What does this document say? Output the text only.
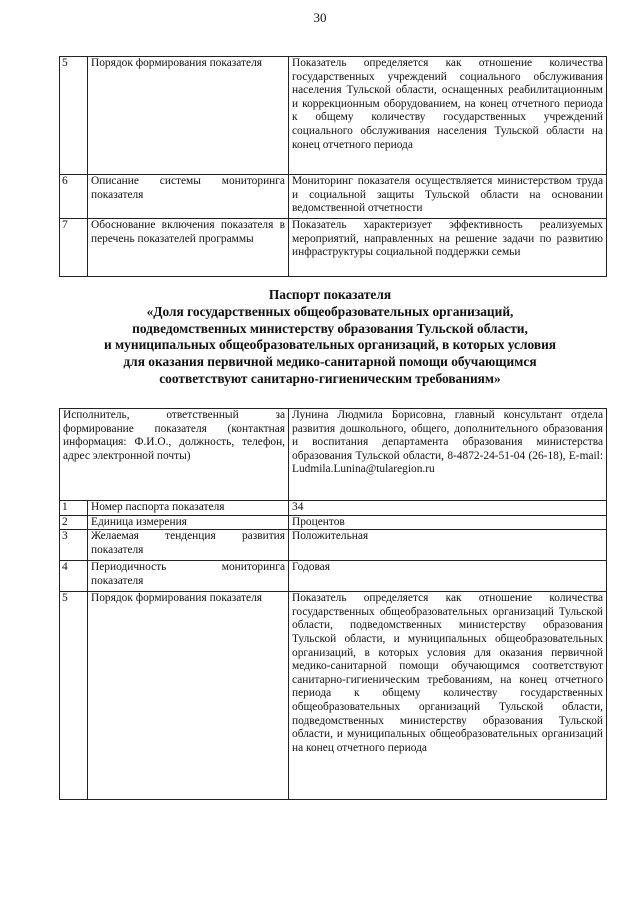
30
5	Порядок формирования показателя	Показатель определяется как отношение количества государственных учреждений социального обслуживания населения Тульской области, оснащенных реабилитационным и коррекционным оборудованием, на конец отчетного периода к общему количеству государственных учреждений социального обслуживания населения Тульской области на конец отчетного периода
6	Описание системы мониторинга показателя	Мониторинг показателя осуществляется министерством труда и социальной защиты Тульской области на основании ведомственной отчетности
7	Обоснование включения показателя в перечень показателей программы	Показатель характеризует эффективность реализуемых мероприятий, направленных на решение задачи по развитию инфраструктуры социальной поддержки семьи
Паспорт показателя
«Доля государственных общеобразовательных организаций,
подведомственных министерству образования Тульской области,
и муниципальных общеобразовательных организаций, в которых условия
для оказания первичной медико-санитарной помощи обучающимся
соответствуют санитарно-гигиеническим требованиям»
Исполнитель, ответственный за формирование показателя (контактная информация: Ф.И.О., должность, телефон, адрес электронной почты)		Лунина Людмила Борисовна, главный консультант отдела развития дошкольного, общего, дополнительного образования и воспитания департамента образования министерства образования Тульской области, 8-4872-24-51-04 (26-18), E-mail: Ludmila.Lunina@tularegion.ru
1	Номер паспорта показателя	34
2	Единица измерения	Процентов
3	Желаемая тенденция развития показателя	Положительная
4	Периодичность мониторинга показателя	Годовая
5	Порядок формирования показателя	Показатель определяется как отношение количества государственных общеобразовательных организаций Тульской области, подведомственных министерству образования Тульской области, и муниципальных общеобразовательных организаций, в которых условия для оказания первичной медико-санитарной помощи обучающимся соответствуют санитарно-гигиеническим требованиям, на конец отчетного периода к общему количеству государственных общеобразовательных организаций Тульской области, подведомственных министерству образования Тульской области, и муниципальных общеобразовательных организаций на конец отчетного периода
